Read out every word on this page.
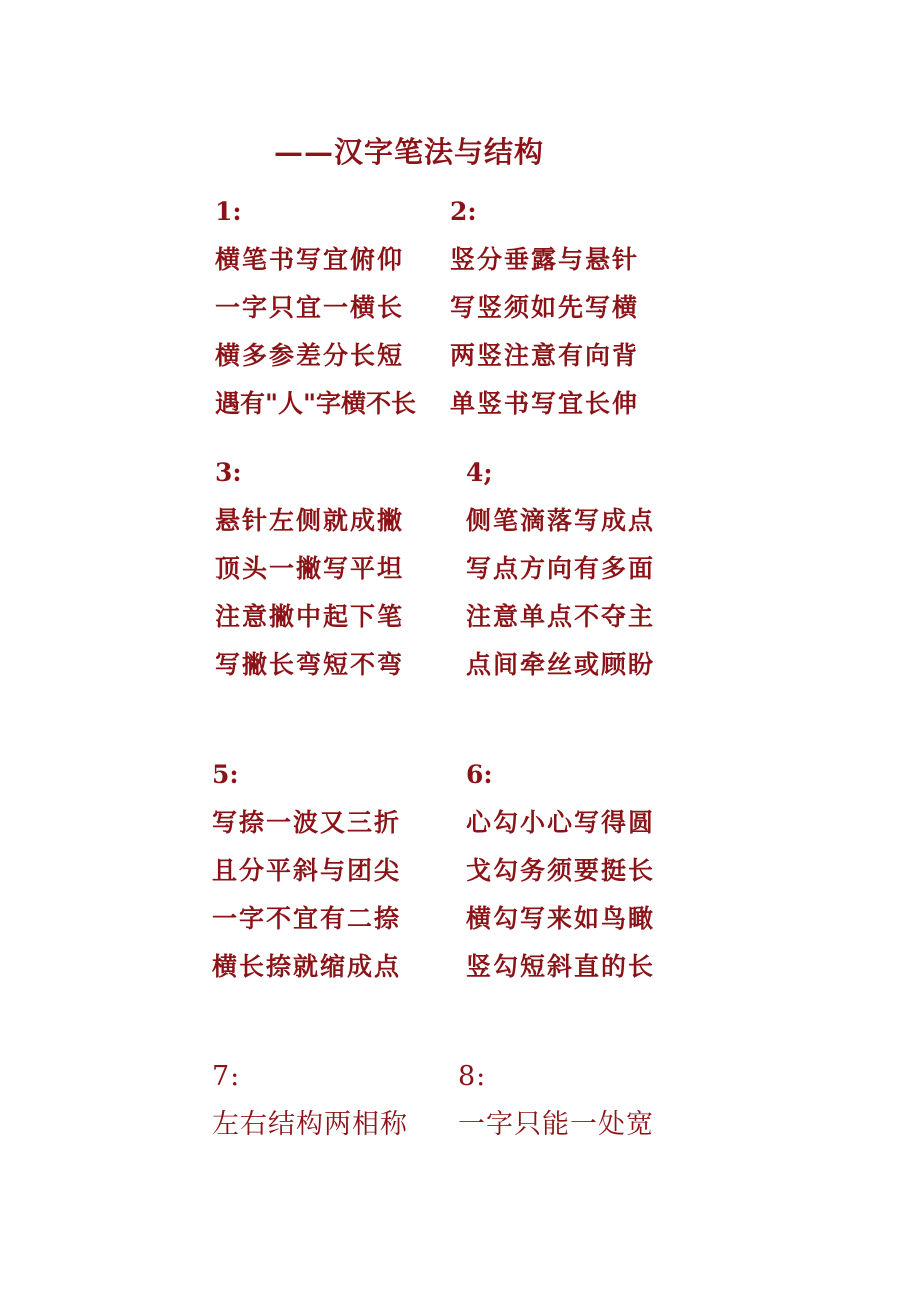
——汉字笔法与结构
1:
横笔书写宜俯仰
一字只宜一横长
横多参差分长短
遇有"人"字横不长
2:
竖分垂露与悬针
写竖须如先写横
两竖注意有向背
单竖书写宜长伸
3:
悬针左侧就成撇
顶头一撇写平坦
注意撇中起下笔
写撇长弯短不弯
4;
侧笔滴落写成点
写点方向有多面
注意单点不夺主
点间牵丝或顾盼
5:
写捺一波又三折
且分平斜与团尖
一字不宜有二捺
横长捺就缩成点
6:
心勾小心写得圆
戈勾务须要挺长
横勾写来如鸟瞰
竖勾短斜直的长
7:
左右结构两相称
8:
一字只能一处宽
